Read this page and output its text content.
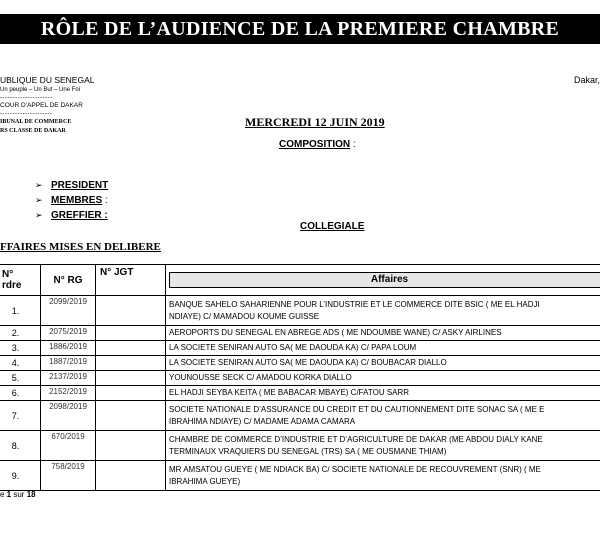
RÔLE DE L’AUDIENCE DE LA PREMIERE CHAMBRE
UBLIQUE DU SENEGAL
Un peuple – Un But – Une Foi
---------------------
COUR D’APPEL DE DAKAR
---------------------
IBUNAL DE COMMERCE
RS CLASSE DE DAKAR
Dakar,
MERCREDI 12 JUIN 2019
COMPOSITION :
➢ PRESIDENT
➢ MEMBRES :
➢ GREFFIER :
COLLEGIALE
FFAIRES MISES EN DELIBERE
N°
rdre	N° RG	N° JGT	Affaires

1.	2099/2019		BANQUE SAHELO SAHARIENNE POUR L’INDUSTRIE ET LE COMMERCE DITE BSIC ( ME EL HADJI
NDIAYE) C/ MAMADOU KOUME GUISSE

2.	2075/2019		AEROPORTS DU SENEGAL EN ABREGE ADS ( ME NDOUMBE WANE) C/ ASKY AIRLINES
3.	1886/2019		LA SOCIETE SENIRAN AUTO SA( ME DAOUDA KA) C/ PAPA LOUM
4.	1887/2019		LA SOCIETE SENIRAN AUTO SA( ME DAOUDA KA) C/ BOUBACAR DIALLO
5.	2137/2019		YOUNOUSSE SECK C/ AMADOU KORKA DIALLO
6.	2152/2019		EL HADJI SEYBA KEITA ( ME BABACAR MBAYE) C/FATOU SARR
7.	2098/2019		SOCIETE NATIONALE D’ASSURANCE DU CREDIT ET DU CAUTIONNEMENT DITE SONAC SA ( ME E
IBRAHIMA NDIAYE) C/ MADAME ADAMA CAMARA

8.	670/2019		CHAMBRE DE COMMERCE D’INDUSTRIE ET D’AGRICULTURE DE DAKAR (ME ABDOU DIALY KANE
TERMINAUX VRAQUIERS DU SENEGAL (TRS) SA ( ME OUSMANE THIAM)

9.	758/2019		MR AMSATOU GUEYE ( ME NDIACK BA) C/ SOCIETE NATIONALE DE RECOUVREMENT (SNR) ( ME
IBRAHIMA GUEYE)
e 1 sur 18
